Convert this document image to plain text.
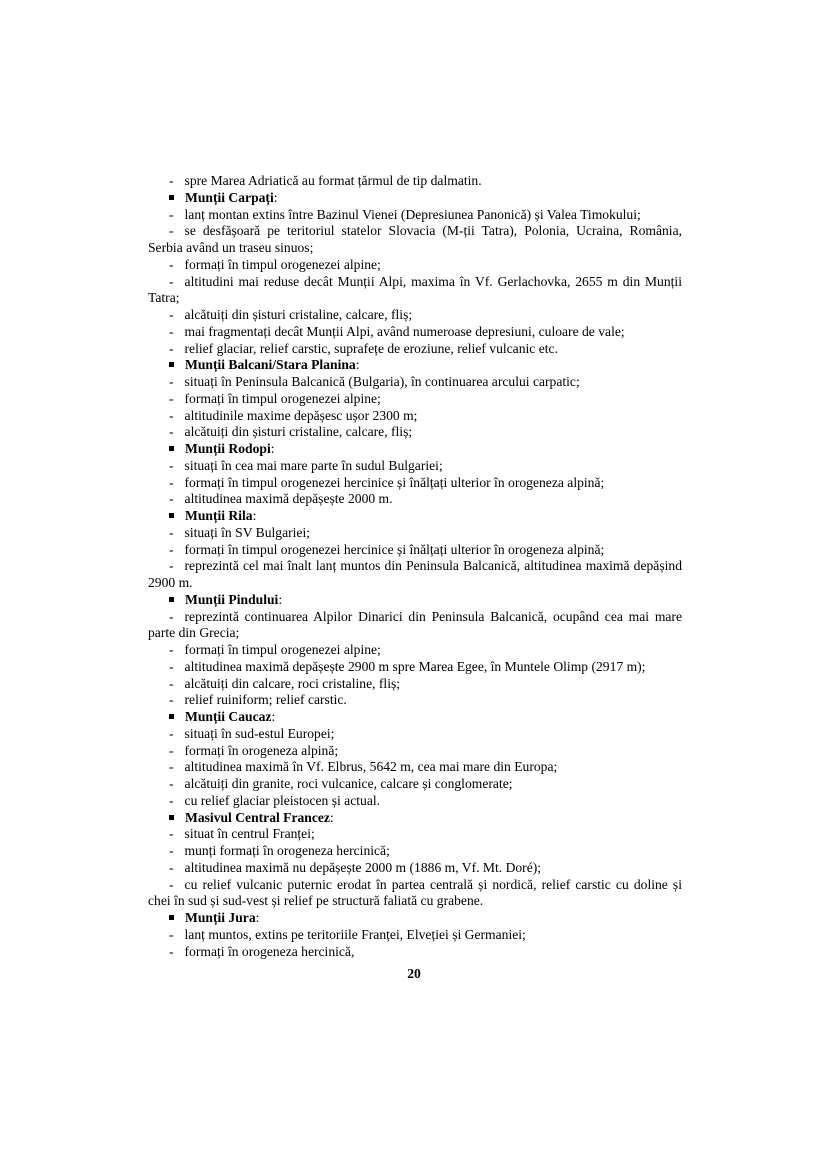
- spre Marea Adriatică au format țărmul de tip dalmatin.

Munții Carpați:

- lanț montan extins între Bazinul Vienei (Depresiunea Panonică) și Valea Timokului;

- se desfășoară pe teritoriul statelor Slovacia (M-ții Tatra), Polonia, Ucraina, România, Serbia având un traseu sinuos;

- formați în timpul orogenezei alpine;

- altitudini mai reduse decât Munții Alpi, maxima în Vf. Gerlachovka, 2655 m din Munții Tatra;

- alcătuiți din șisturi cristaline, calcare, fliș;

- mai fragmentați decât Munții Alpi, având numeroase depresiuni, culoare de vale;

- relief glaciar, relief carstic, suprafețe de eroziune, relief vulcanic etc.

Munții Balcani/Stara Planina:

- situați în Peninsula Balcanică (Bulgaria), în continuarea arcului carpatic;

- formați în timpul orogenezei alpine;

- altitudinile maxime depășesc ușor 2300 m;

- alcătuiți din șisturi cristaline, calcare, fliș;

Munții Rodopi:

- situați în cea mai mare parte în sudul Bulgariei;

- formați în timpul orogenezei hercinice și înălțați ulterior în orogeneza alpină;

- altitudinea maximă depășește 2000 m.

Munții Rila:

- situați în SV Bulgariei;

- formați în timpul orogenezei hercinice și înălțați ulterior în orogeneza alpină;

- reprezintă cel mai înalt lanț muntos din Peninsula Balcanică, altitudinea maximă depășind 2900 m.

Munții Pindului:

- reprezintă continuarea Alpilor Dinarici din Peninsula Balcanică, ocupând cea mai mare parte din Grecia;

- formați în timpul orogenezei alpine;

- altitudinea maximă depășește 2900 m spre Marea Egee, în Muntele Olimp (2917 m);

- alcătuiți din calcare, roci cristaline, fliș;

- relief ruiniform; relief carstic.

Munții Caucaz:

- situați în sud-estul Europei;

- formați în orogeneza alpină;

- altitudinea maximă în Vf. Elbrus, 5642 m, cea mai mare din Europa;

- alcătuiți din granite, roci vulcanice, calcare și conglomerate;

- cu relief glaciar pleistocen și actual.

Masivul Central Francez:

- situat în centrul Franței;

- munți formați în orogeneza hercinică;

- altitudinea maximă nu depășește 2000 m (1886 m, Vf. Mt. Doré);

- cu relief vulcanic puternic erodat în partea centrală și nordică, relief carstic cu doline și chei în sud și sud-vest și relief pe structură faliată cu grabene.

Munții Jura:

- lanț muntos, extins pe teritoriile Franței, Elveției și Germaniei;

- formați în orogeneza hercinică,

20
